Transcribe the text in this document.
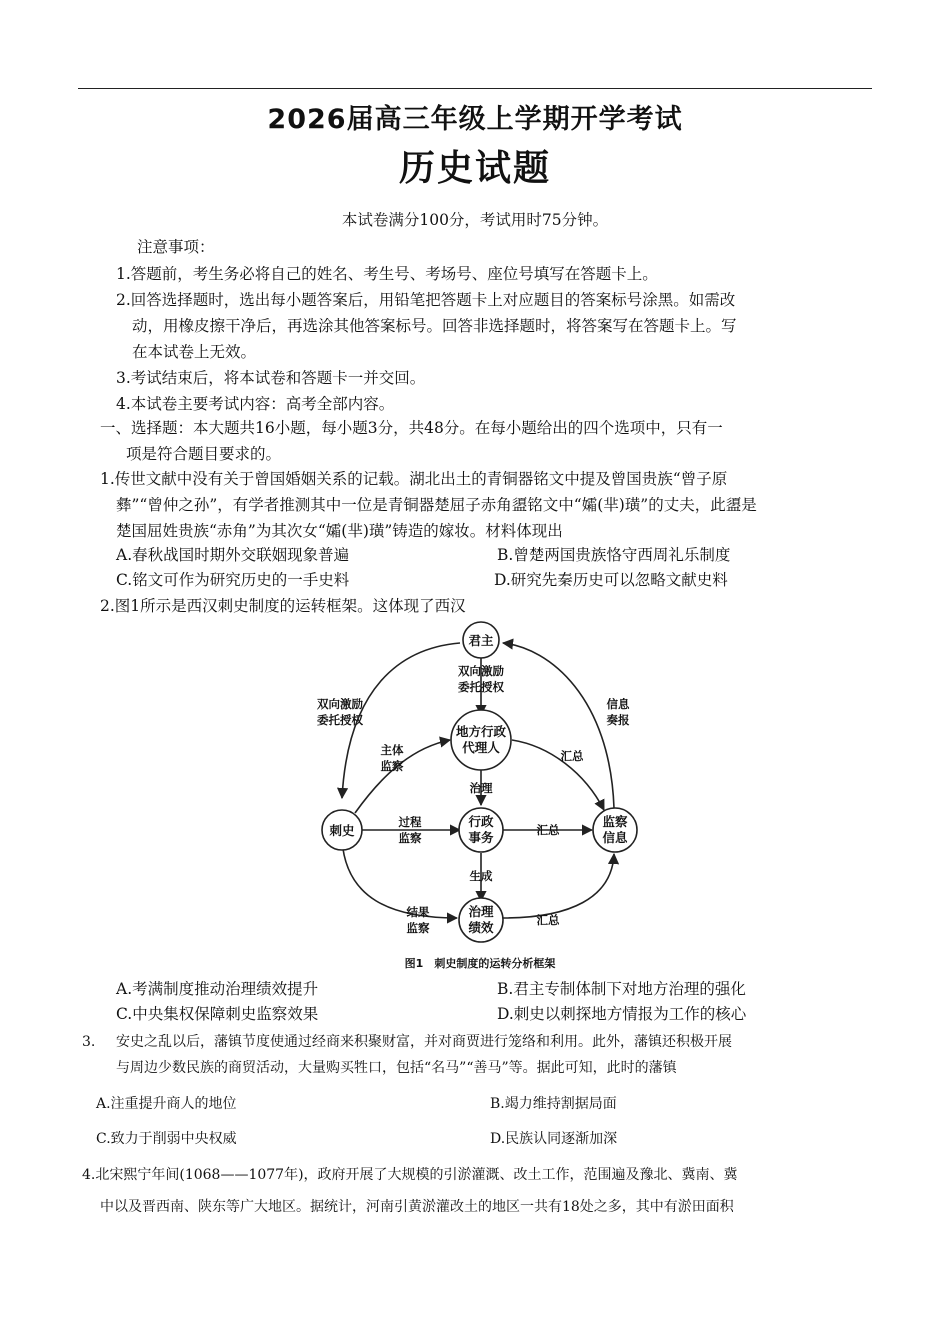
2026届高三年级上学期开学考试
历史试题
本试卷满分100分，考试用时75分钟。
注意事项：
1.答题前，考生务必将自己的姓名、考生号、考场号、座位号填写在答题卡上。
2.回答选择题时，选出每小题答案后，用铅笔把答题卡上对应题目的答案标号涂黑。如需改
动，用橡皮擦干净后，再选涂其他答案标号。回答非选择题时，将答案写在答题卡上。写
在本试卷上无效。
3.考试结束后，将本试卷和答题卡一并交回。
4.本试卷主要考试内容：高考全部内容。
一、选择题：本大题共16小题，每小题3分，共48分。在每小题给出的四个选项中，只有一
项是符合题目要求的。
1.传世文献中没有关于曾国婚姻关系的记载。湖北出土的青铜器铭文中提及曾国贵族“曾子原
彝”“曾仲之孙”，有学者推测其中一位是青铜器楚屈子赤角盨铭文中“孀(芈)璜”的丈夫，此盨是
楚国屈姓贵族“赤角”为其次女“孀(芈)璜”铸造的嫁妆。材料体现出
A.春秋战国时期外交联姻现象普遍	B.曾楚两国贵族恪守西周礼乐制度
C.铭文可作为研究历史的一手史料	D.研究先秦历史可以忽略文献史料
2.图1所示是西汉刺史制度的运转框架。这体现了西汉
君主
地方行政
代理人
刺史
行政
事务
监察
信息
治理
绩效
双向激励
委托授权
双向激励
委托授权
信息
奏报
主体
监察
汇总
治理
过程
监察
汇总
生成
结果
监察
汇总
图1　刺史制度的运转分析框架
A.考满制度推动治理绩效提升	B.君主专制体制下对地方治理的强化
C.中央集权保障刺史监察效果	D.刺史以刺探地方情报为工作的核心
3. 安史之乱以后，藩镇节度使通过经商来积聚财富，并对商贾进行笼络和利用。此外，藩镇还积极开展
与周边少数民族的商贸活动，大量购买牲口，包括“名马”“善马”等。据此可知，此时的藩镇
A.注重提升商人的地位	B.竭力维持割据局面
C.致力于削弱中央权威	D.民族认同逐渐加深
4.北宋熙宁年间(1068——1077年)，政府开展了大规模的引淤灌溉、改土工作，范围遍及豫北、冀南、冀
中以及晋西南、陕东等广大地区。据统计，河南引黄淤灌改土的地区一共有18处之多，其中有淤田面积
